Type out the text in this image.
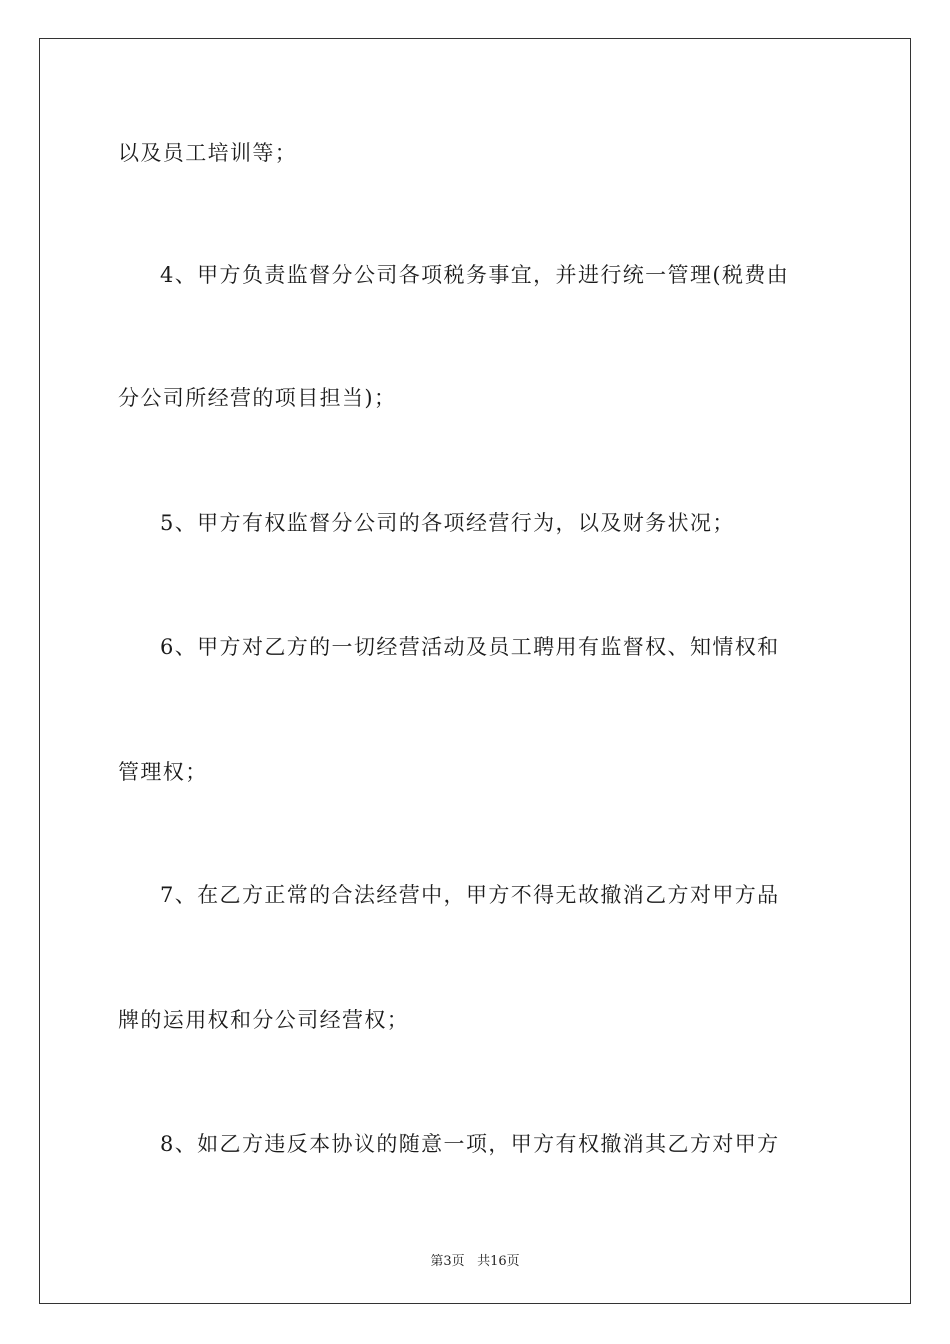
以及员工培训等；
4、甲方负责监督分公司各项税务事宜，并进行统一管理(税费由
分公司所经营的项目担当)；
5、甲方有权监督分公司的各项经营行为，以及财务状况；
6、甲方对乙方的一切经营活动及员工聘用有监督权、知情权和
管理权；
7、在乙方正常的合法经营中，甲方不得无故撤消乙方对甲方品
牌的运用权和分公司经营权；
8、如乙方违反本协议的随意一项，甲方有权撤消其乙方对甲方
第3页 共16页
